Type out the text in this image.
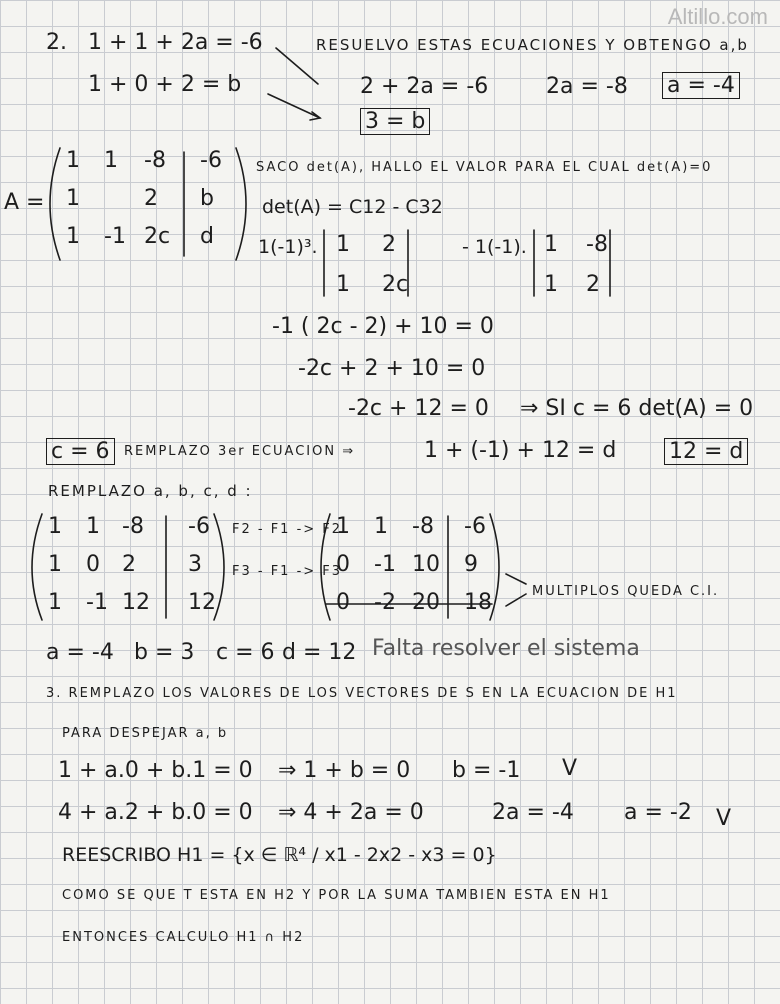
Altillo.com
2. 1 + 1 + 2a = -6
1 + 0 + 2 = b
RESUELVO ESTAS ECUACIONES Y OBTENGO a,b
2 + 2a = -6	2a = -8 a = -4
3 = b
A =
1 1 -8 -6
1	2 b
1 -1 2c d
SACO det(A), HALLO EL VALOR PARA EL CUAL det(A)=0
det(A) = C12 - C32
1(-1)³. 1 2
1 2c
- 1(-1). 1 -8
1 2
-1 ( 2c - 2) + 10 = 0
-2c + 2 + 10 = 0
-2c + 12 = 0 ⇒ SI c = 6 det(A) = 0
c = 6	REMPLAZO 3er ECUACION ⇒	1 + (-1) + 12 = d 12 = d
REMPLAZO a, b, c, d :
1 1 -8 -6
1 0 2 3
1 -1 12 12
F2 - F1 -> F2
F3 - F1 -> F3
1 1 -8 -6
0 -1 10 9
0 -2 20 18	MULTIPLOS QUEDA C.I.
a = -4 b = 3 c = 6 d = 12 Falta resolver el sistema
3. REMPLAZO LOS VALORES DE LOS VECTORES DE S EN LA ECUACION DE H1
PARA DESPEJAR a, b
1 + a.0 + b.1 = 0 ⇒ 1 + b = 0 b = -1 V
4 + a.2 + b.0 = 0 ⇒ 4 + 2a = 0	2a = -4 a = -2 V
REESCRIBO H1 = {x ∈ ℝ⁴ / x1 - 2x2 - x3 = 0}
COMO SE QUE T ESTA EN H2 Y POR LA SUMA TAMBIEN ESTA EN H1
ENTONCES CALCULO H1 ∩ H2
